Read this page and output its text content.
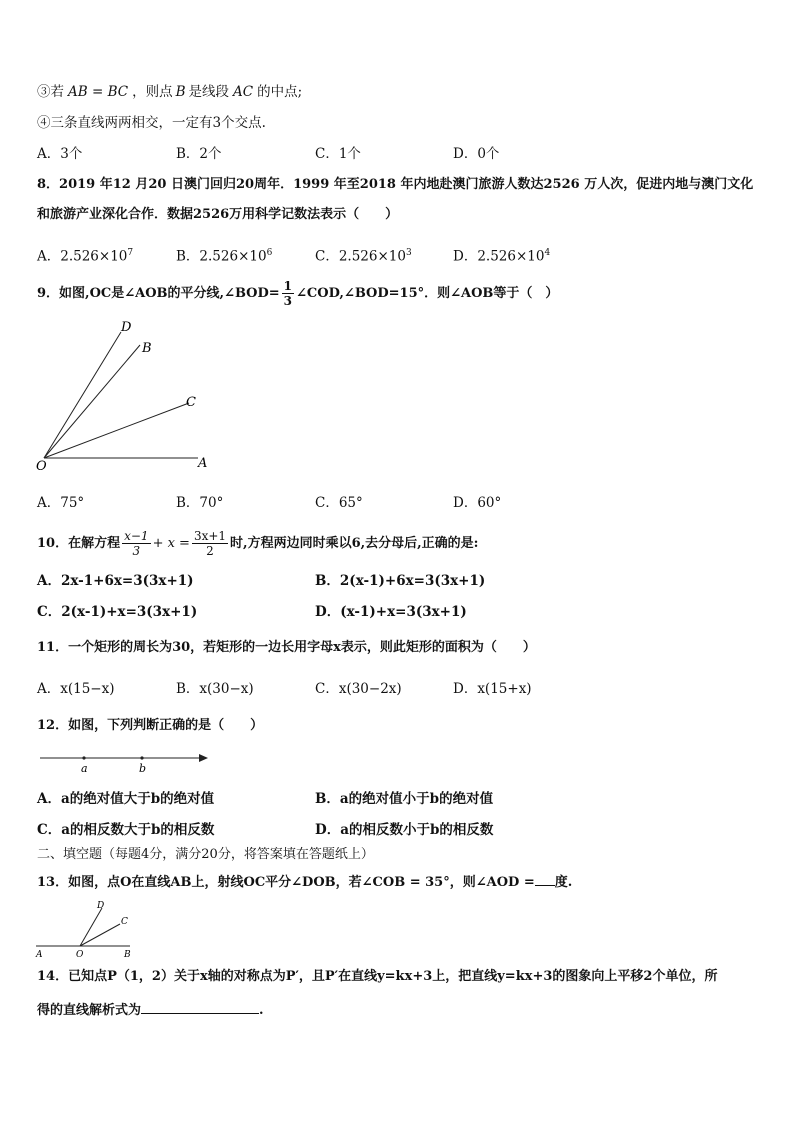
③若 AB = BC ，则点 B 是线段 AC 的中点;
④三条直线两两相交，一定有3个交点.
A．3个	B．2个	C．1个	D．0个
8．2019 年12 月20 日澳门回归20周年．1999 年至2018 年内地赴澳门旅游人数达2526 万人次，促进内地与澳门文化
和旅游产业深化合作．数据2526万用科学记数法表示（　　）
A．$2.526\times 10^7$	B．$2.526\times 10^6$	C．$2.526\times 10^3$	D．$2.526\times 10^4$
9．如图,OC是∠AOB的平分线,∠BOD= $\frac{1}{3}$ ∠COD,∠BOD=15°．则∠AOB等于（　）
D
B
C
O	A
A．75°	B．70°	C．65°	D．60°
10．在解方程 $\frac{x-1}{3} + x = \frac{3x+1}{2}$ 时,方程两边同时乘以6,去分母后,正确的是:
A．2x-1+6x=3(3x+1)	B．2(x-1)+6x=3(3x+1)
C．2(x-1)+x=3(3x+1)	D．(x-1)+x=3(3x+1)
11．一个矩形的周长为30，若矩形的一边长用字母x表示，则此矩形的面积为（　　）
A．x(15−x)	B．x(30−x)	C．x(30−2x)	D．x(15+x)
12．如图，下列判断正确的是（　　）
a	b
A．a的绝对值大于b的绝对值	B．a的绝对值小于b的绝对值
C．a的相反数大于b的相反数	D．a的相反数小于b的相反数
二、填空题（每题4分，满分20分，将答案填在答题纸上）
13．如图，点O在直线AB上，射线OC平分∠DOB，若∠COB = 35°，则∠AOD = 度.
D
C
A	O	B
14．已知点P（1，2）关于x轴的对称点为P′，且P′在直线y=kx+3上，把直线y=kx+3的图象向上平移2个单位，所
得的直线解析式为	.
